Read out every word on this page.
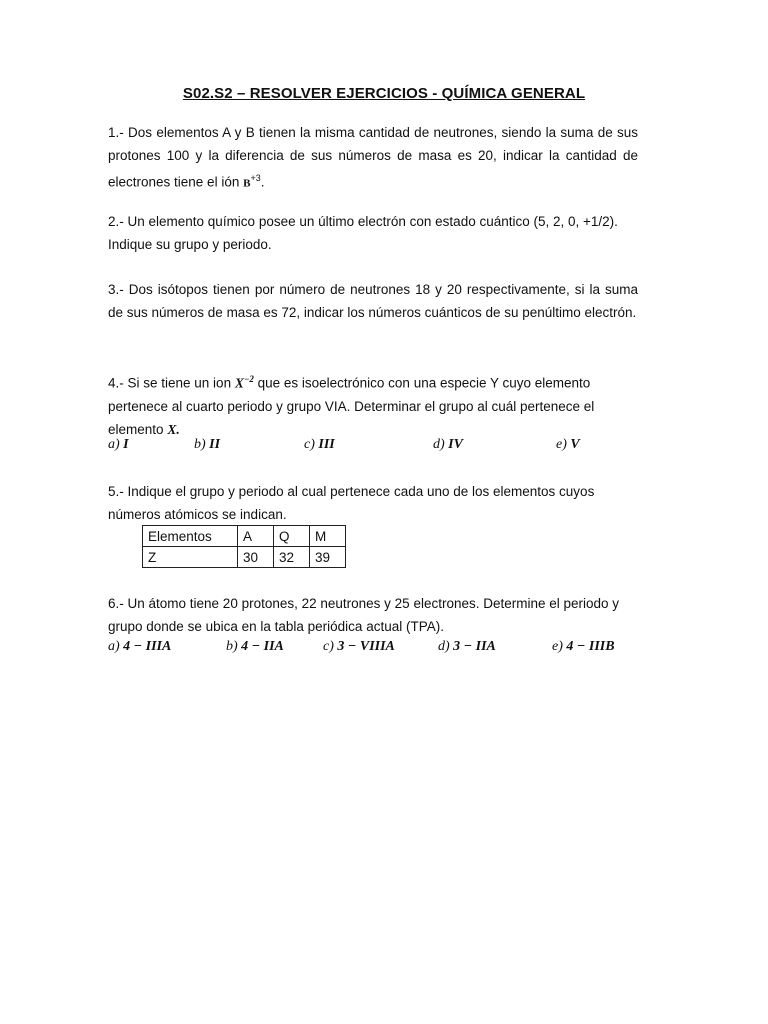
S02.S2 – RESOLVER EJERCICIOS - QUÍMICA GENERAL

1.- Dos elementos A y B tienen la misma cantidad de neutrones, siendo la suma de sus protones 100 y la diferencia de sus números de masa es 20, indicar la cantidad de electrones tiene el ión $B^{+3}$.

2.- Un elemento químico posee un último electrón con estado cuántico (5, 2, 0, +1/2). Indique su grupo y periodo.

3.- Dos isótopos tienen por número de neutrones 18 y 20 respectivamente, si la suma de sus números de masa es 72, indicar los números cuánticos de su penúltimo electrón.

4.- Si se tiene un ion $X^{-2}$ que es isoelectrónico con una especie Y cuyo elemento pertenece al cuarto periodo y grupo VIA. Determinar el grupo al cuál pertenece el elemento X.

a) I	b) II	c) III	d) IV	e) V

5.- Indique el grupo y periodo al cual pertenece cada uno de los elementos cuyos números atómicos se indican.

Elementos	A	Q	M
Z	30	32	39

6.- Un átomo tiene 20 protones, 22 neutrones y 25 electrones. Determine el periodo y grupo donde se ubica en la tabla periódica actual (TPA).

a) 4 − IIIA	b) 4 − IIA	c) 3 − VIIIA	d) 3 − IIA	e) 4 − IIIB
